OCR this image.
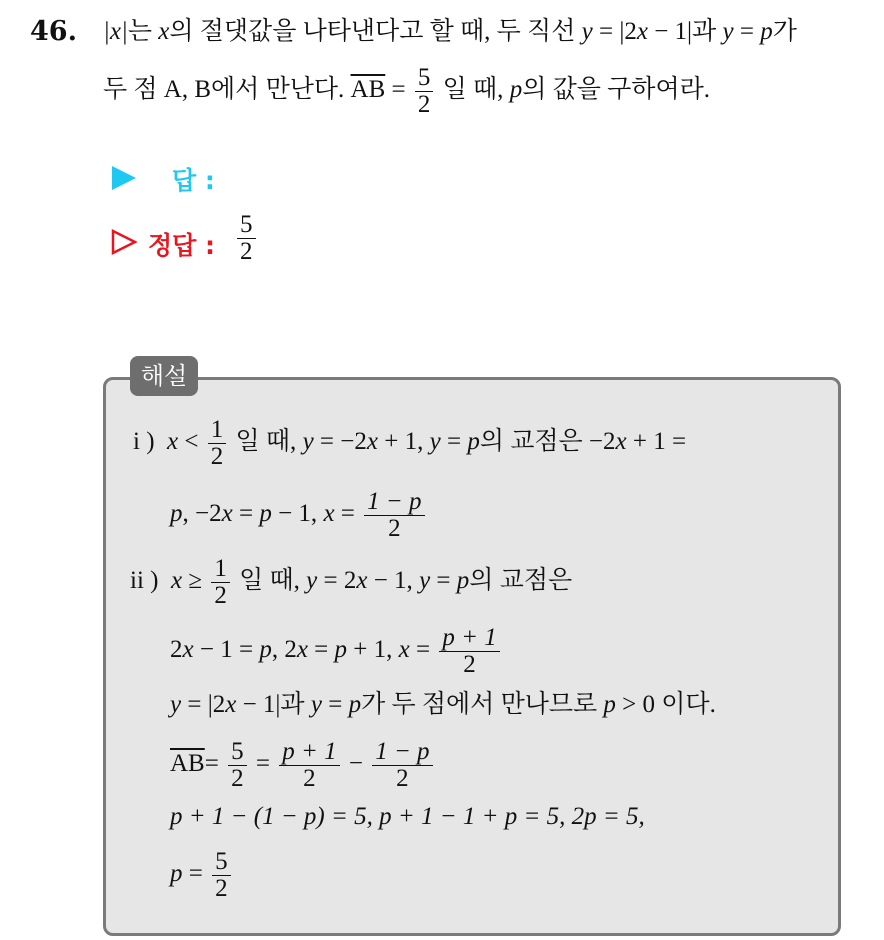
46. |x|는 x의 절댓값을 나타낸다고 할 때, 두 직선 y = |2x − 1|과 y = p가
두 점 A, B에서 만난다. $\overline{AB} = \frac{5}{2}$ 일 때, p의 값을 구하여라.
답 :
정답 : $\frac{5}{2}$
해설
i ) $x < \frac{1}{2}$ 일 때, y = −2x + 1, y = p의 교점은 −2x + 1 =
p, −2x = p − 1, $x = \frac{1 - p}{2}$
ii ) $x \ge \frac{1}{2}$ 일 때, y = 2x − 1, y = p의 교점은
2x − 1 = p, 2x = p + 1, $x = \frac{p + 1}{2}$
y = |2x − 1|과 y = p가 두 점에서 만나므로 p > 0 이다.
$\overline{AB}= \frac{5}{2} = \frac{p + 1}{2} - \frac{1 - p}{2}$
p + 1 − (1 − p) = 5, p + 1 − 1 + p = 5, 2p = 5,
$p = \frac{5}{2}$
